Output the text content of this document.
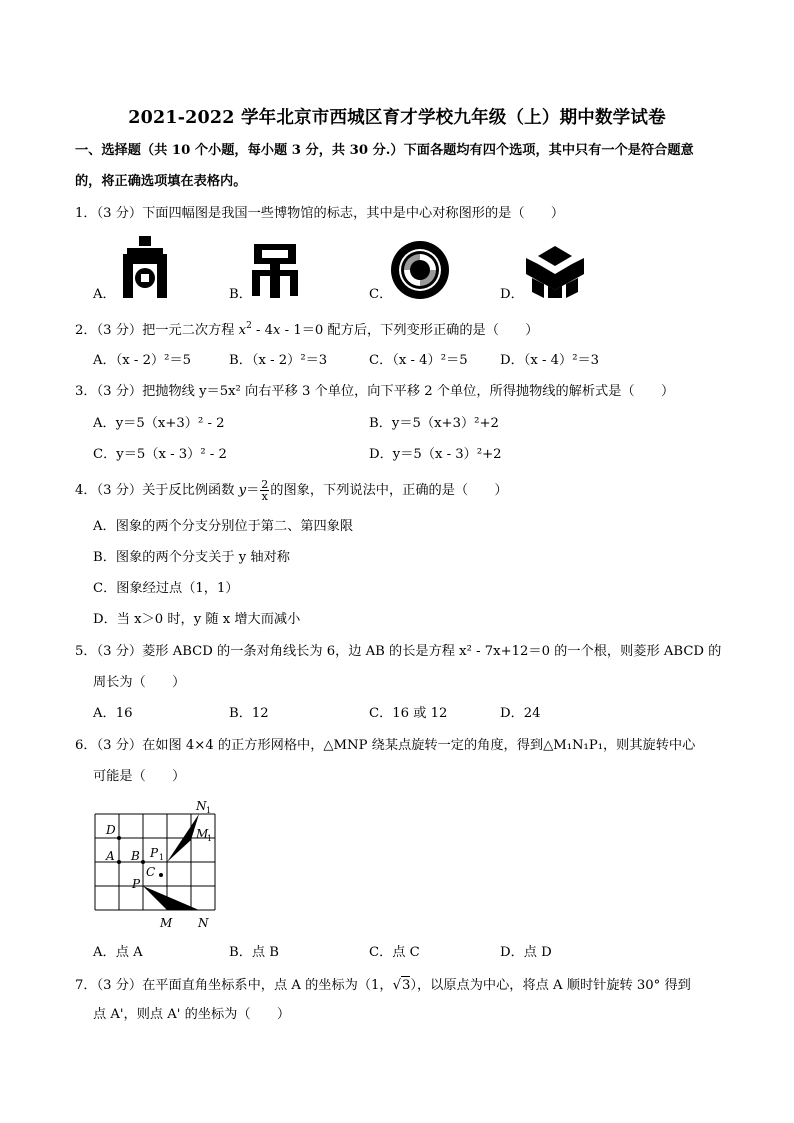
2021-2022 学年北京市西城区育才学校九年级（上）期中数学试卷
一、选择题（共 10 个小题，每小题 3 分，共 30 分.）下面各题均有四个选项，其中只有一个是符合题意
的，将正确选项填在表格内。
1．（3 分）下面四幅图是我国一些博物馆的标志，其中是中心对称图形的是（　　）
A．	B．	C．	D．
2．（3 分）把一元二次方程 $x^2 - 4x - 1=0$ 配方后，下列变形正确的是（　　）
A．（x - 2）²＝5	B．（x - 2）²＝3	C．（x - 4）²＝5 D．（x - 4）²＝3
3．（3 分）把抛物线 y＝5x² 向右平移 3 个单位，向下平移 2 个单位，所得抛物线的解析式是（　　）
A．y＝5（x+3）² - 2	B．y＝5（x+3）²+2
C．y＝5（x - 3）² - 2	D．y＝5（x - 3）²+2
4．（3 分）关于反比例函数 $y= \frac{2}{x}$ 的图象，下列说法中，正确的是（　　）
A．图象的两个分支分别位于第二、第四象限
B．图象的两个分支关于 y 轴对称
C．图象经过点（1，1）
D．当 x＞0 时，y 随 x 增大而减小
5．（3 分）菱形 ABCD 的一条对角线长为 6，边 AB 的长是方程 x² - 7x+12＝0 的一个根，则菱形 ABCD 的
周长为（　　）
A．16	B．12	C．16 或 12	D．24
6．（3 分）在如图 4×4 的正方形网格中，△MNP 绕某点旋转一定的角度，得到△M₁N₁P₁，则其旋转中心
可能是（　　）
D
A B P 1
C
P
M N
N 1
M
1
A．点 A	B．点 B	C．点 C	D．点 D
7．（3 分）在平面直角坐标系中，点 A 的坐标为（1，√3），以原点为中心，将点 A 顺时针旋转 30° 得到
点 A'，则点 A' 的坐标为（　　）
